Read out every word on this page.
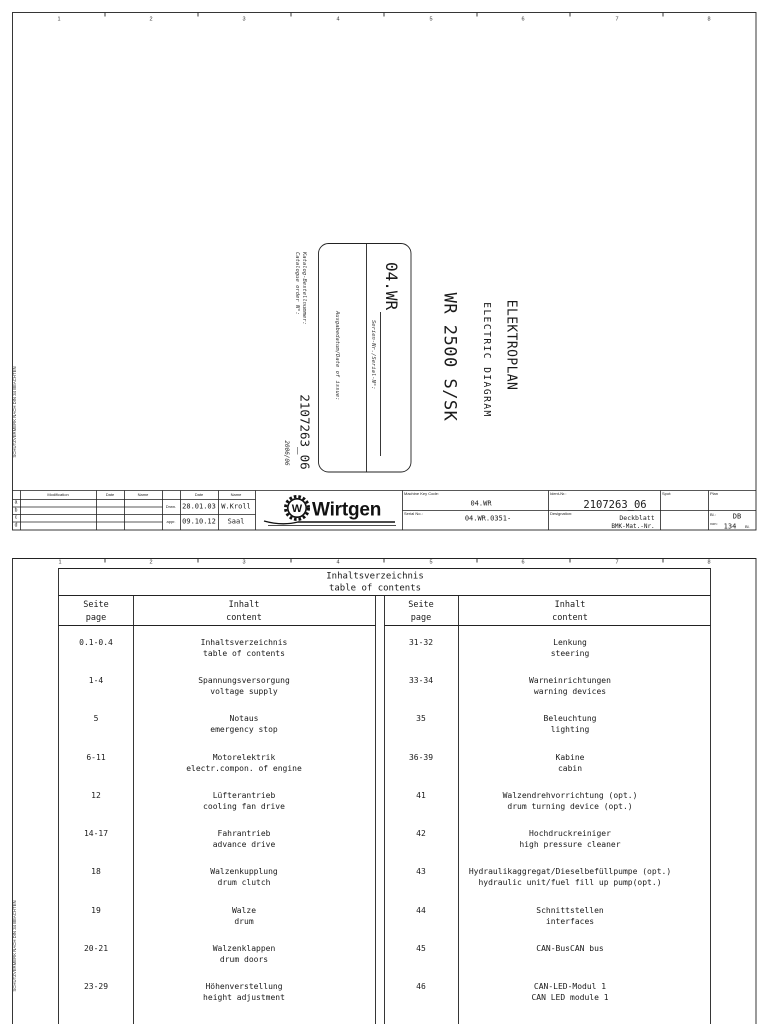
1	2	3	4	5	6	7	8
SCHUTZVERMERK NACH DIN 34 BEACHTEN
ELEKTROPLAN
ELECTRIC DIAGRAM
WR 2500 S/SK
04.WR
Serien-Nr./Serial-N°:
Ausgabedatum/Date of issue:
Katalog-Bestellnummer:
Catalogue order N°:
2107263_06
2006/06
Modification	Date	Name
a
b
c
d
Date	Name
Drwn. 28.01.03 W.Kroll
appr. 09.10.12 Saal
W Wirtgen
Machine Key Code:
04.WR
Serial No.:
04.WR.0351-
Ident-Nr.:
2107263_06
Designation:
Deckblatt
BMK-Mat.-Nr.
Spot:	Plan
Bl.: DB
von: 134 Bl.
1	2	3	4	5	6	7	8
SCHUTZVERMERK NACH DIN 34 BEACHTEN
Inhaltsverzeichnis
table of contents
Seite
page
Inhalt
content
Seite
page
Inhalt
content
0.1-0.4	Inhaltsverzeichnis
table of contents
31-32	Lenkung
steering
1-4	Spannungsversorgung
voltage supply
33-34	Warneinrichtungen
warning devices
5	Notaus
emergency stop
35	Beleuchtung
lighting
6-11	Motorelektrik
electr.compon. of engine
36-39	Kabine
cabin
12	Lüfterantrieb
cooling fan drive
41	Walzendrehvorrichtung (opt.)
drum turning device (opt.)
14-17	Fahrantrieb
advance drive
42	Hochdruckreiniger
high pressure cleaner
18	Walzenkupplung
drum clutch
43	Hydraulikaggregat/Dieselbefüllpumpe (opt.)
hydraulic unit/fuel fill up pump(opt.)
19	Walze
drum
44	Schnittstellen
interfaces
20-21	Walzenklappen
drum doors
45	CAN-BusCAN bus
23-29	Höhenverstellung
height adjustment
46	CAN-LED-Modul 1
CAN LED module 1
